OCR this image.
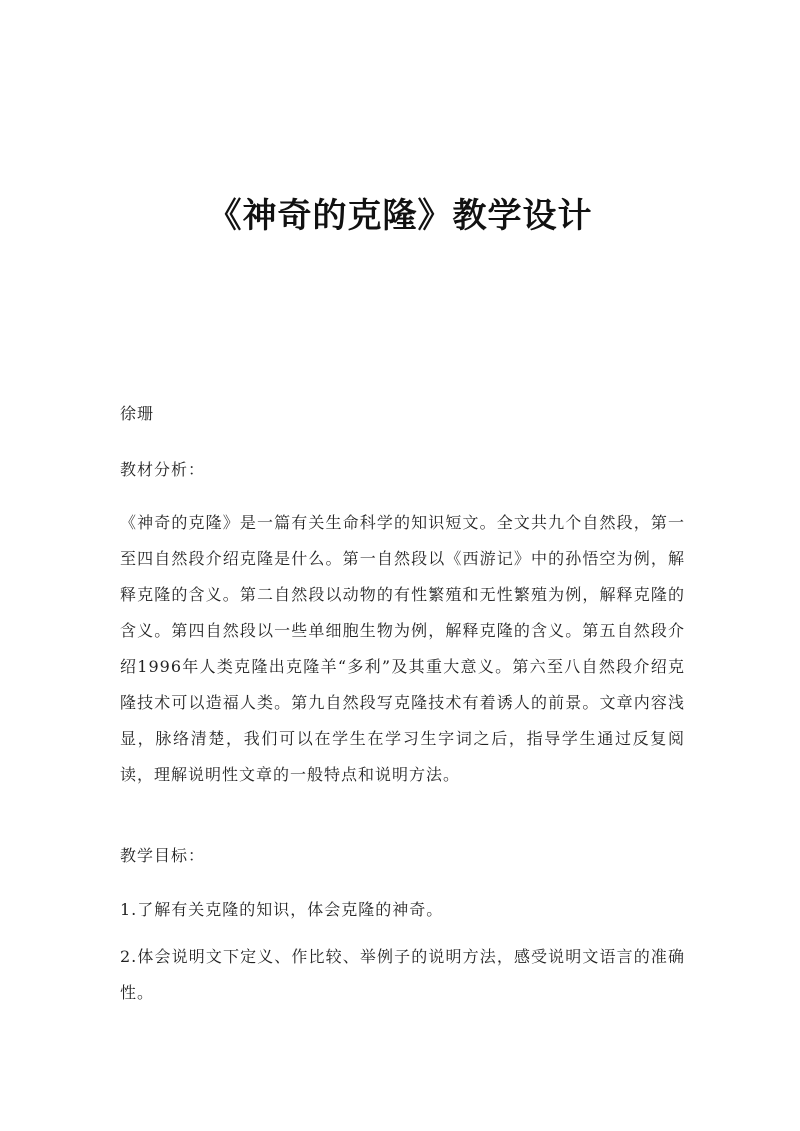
《神奇的克隆》教学设计
徐珊
教材分析：
《神奇的克隆》是一篇有关生命科学的知识短文。全文共九个自然段，第一至四自然段介绍克隆是什么。第一自然段以《西游记》中的孙悟空为例，解释克隆的含义。第二自然段以动物的有性繁殖和无性繁殖为例，解释克隆的含义。第四自然段以一些单细胞生物为例，解释克隆的含义。第五自然段介绍1996年人类克隆出克隆羊“多利”及其重大意义。第六至八自然段介绍克隆技术可以造福人类。第九自然段写克隆技术有着诱人的前景。文章内容浅显，脉络清楚，我们可以在学生在学习生字词之后，指导学生通过反复阅读，理解说明性文章的一般特点和说明方法。
教学目标：
1.了解有关克隆的知识，体会克隆的神奇。
2.体会说明文下定义、作比较、举例子的说明方法，感受说明文语言的准确性。
